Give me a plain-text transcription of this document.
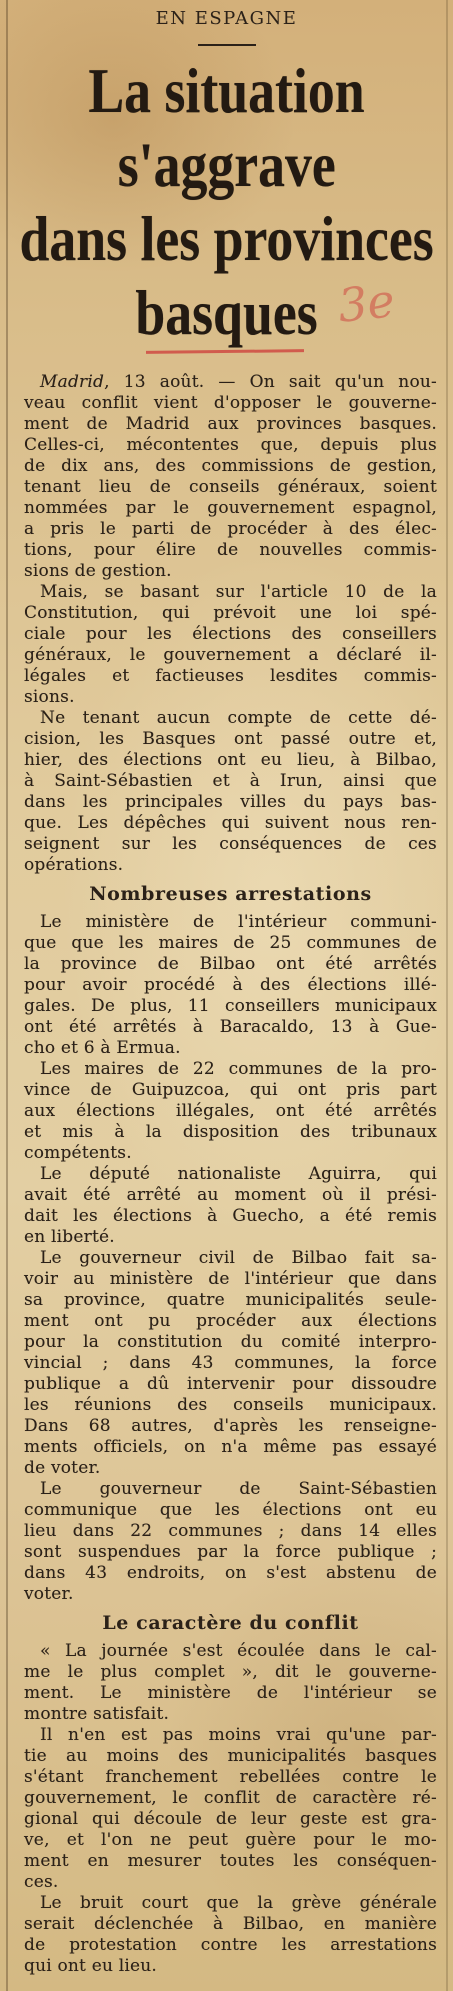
EN ESPAGNE
La situation
s'aggrave
dans les provinces
basques 3e
Madrid, 13 août. — On sait qu'un nou-
veau conflit vient d'opposer le gouverne-
ment de Madrid aux provinces basques.
Celles-ci, mécontentes que, depuis plus
de dix ans, des commissions de gestion,
tenant lieu de conseils généraux, soient
nommées par le gouvernement espagnol,
a pris le parti de procéder à des élec-
tions, pour élire de nouvelles commis-
sions de gestion.
Mais, se basant sur l'article 10 de la
Constitution, qui prévoit une loi spé-
ciale pour les élections des conseillers
généraux, le gouvernement a déclaré il-
légales et factieuses lesdites commis-
sions.
Ne tenant aucun compte de cette dé-
cision, les Basques ont passé outre et,
hier, des élections ont eu lieu, à Bilbao,
à Saint-Sébastien et à Irun, ainsi que
dans les principales villes du pays bas-
que. Les dépêches qui suivent nous ren-
seignent sur les conséquences de ces
opérations.
Nombreuses arrestations
Le ministère de l'intérieur communi-
que que les maires de 25 communes de
la province de Bilbao ont été arrêtés
pour avoir procédé à des élections illé-
gales. De plus, 11 conseillers municipaux
ont été arrêtés à Baracaldo, 13 à Gue-
cho et 6 à Ermua.
Les maires de 22 communes de la pro-
vince de Guipuzcoa, qui ont pris part
aux élections illégales, ont été arrêtés
et mis à la disposition des tribunaux
compétents.
Le député nationaliste Aguirra, qui
avait été arrêté au moment où il prési-
dait les élections à Guecho, a été remis
en liberté.
Le gouverneur civil de Bilbao fait sa-
voir au ministère de l'intérieur que dans
sa province, quatre municipalités seule-
ment ont pu procéder aux élections
pour la constitution du comité interpro-
vincial ; dans 43 communes, la force
publique a dû intervenir pour dissoudre
les réunions des conseils municipaux.
Dans 68 autres, d'après les renseigne-
ments officiels, on n'a même pas essayé
de voter.
Le gouverneur de Saint-Sébastien
communique que les élections ont eu
lieu dans 22 communes ; dans 14 elles
sont suspendues par la force publique ;
dans 43 endroits, on s'est abstenu de
voter.
Le caractère du conflit
« La journée s'est écoulée dans le cal-
me le plus complet », dit le gouverne-
ment. Le ministère de l'intérieur se
montre satisfait.
Il n'en est pas moins vrai qu'une par-
tie au moins des municipalités basques
s'étant franchement rebellées contre le
gouvernement, le conflit de caractère ré-
gional qui découle de leur geste est gra-
ve, et l'on ne peut guère pour le mo-
ment en mesurer toutes les conséquen-
ces.
Le bruit court que la grève générale
serait déclenchée à Bilbao, en manière
de protestation contre les arrestations
qui ont eu lieu.
